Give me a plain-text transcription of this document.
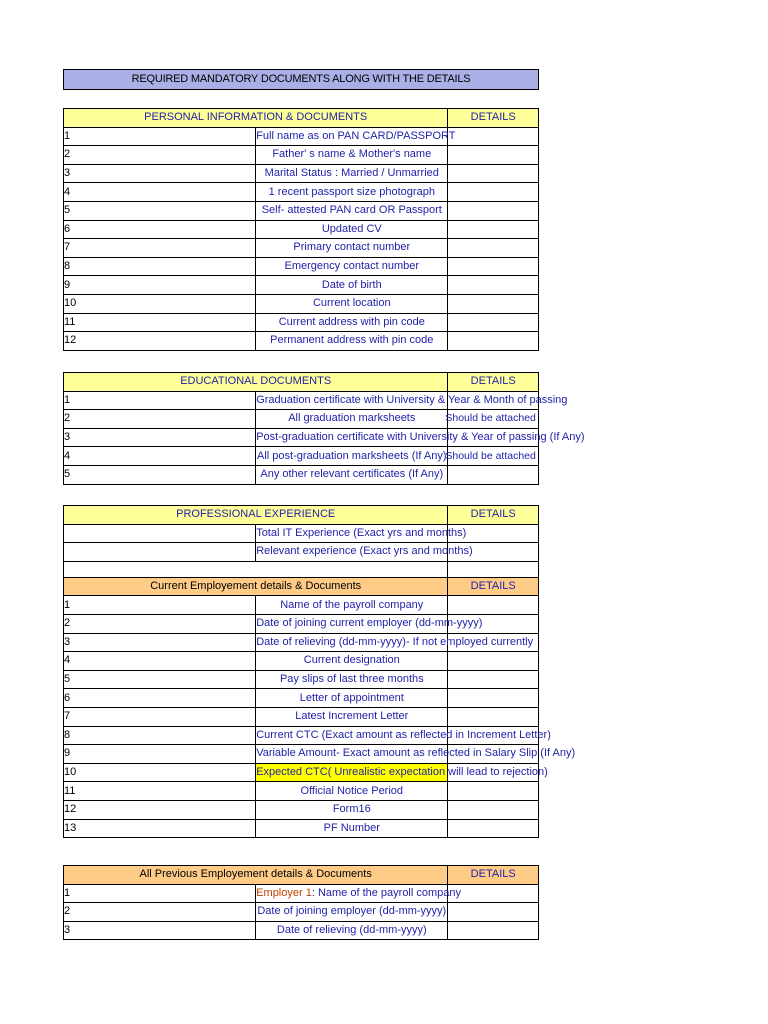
REQUIRED MANDATORY DOCUMENTS ALONG WITH THE DETAILS
PERSONAL INFORMATION & DOCUMENTS		DETAILS
1	Full name as on PAN CARD/PASSPORT	
2	Father' s name & Mother's name	
3	Marital Status : Married / Unmarried	
4	1 recent passport size photograph	
5	Self- attested PAN card OR Passport	
6	Updated CV	
7	Primary contact number	
8	Emergency contact number	
9	Date of birth	
10	Current location	
11	Current address with pin code	
12	Permanent address with pin code	
EDUCATIONAL DOCUMENTS		DETAILS
1	Graduation certificate with University & Year & Month of passing	
2	All graduation marksheets	Should be attached
3	Post-graduation certificate with University & Year of passing (If Any)	
4	All post-graduation marksheets (If Any)	Should be attached
5	Any other relevant certificates (If Any)	
PROFESSIONAL EXPERIENCE		DETAILS
	Total IT Experience (Exact yrs and months)	
	Relevant experience (Exact yrs and months)	

Current Employement details & Documents		DETAILS
1	Name of the payroll company	
2	Date of joining current employer (dd-mm-yyyy)	
3	Date of relieving (dd-mm-yyyy)- If not employed currently	
4	Current designation	
5	Pay slips of last three months	
6	Letter of appointment	
7	Latest Increment Letter	
8	Current CTC (Exact amount as reflected in Increment Letter)	
9	Variable Amount- Exact amount as reflected in Salary Slip (If Any)	
10	Expected CTC( Unrealistic expectation will lead to rejection)	
11	Official Notice Period	
12	Form16	
13	PF Number	
All Previous Employement details & Documents		DETAILS
1	Employer 1: Name of the payroll company	
2	Date of joining employer (dd-mm-yyyy)	
3	Date of relieving (dd-mm-yyyy)	
